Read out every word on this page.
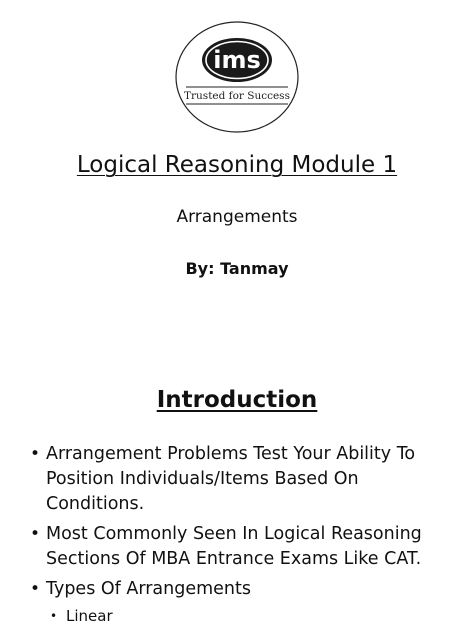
ims
Trusted for Success
Logical Reasoning Module 1
Arrangements
By: Tanmay
Introduction
• Arrangement Problems Test Your Ability To Position Individuals/Items Based On Conditions.
• Most Commonly Seen In Logical Reasoning Sections Of MBA Entrance Exams Like CAT.
• Types Of Arrangements
• Linear
